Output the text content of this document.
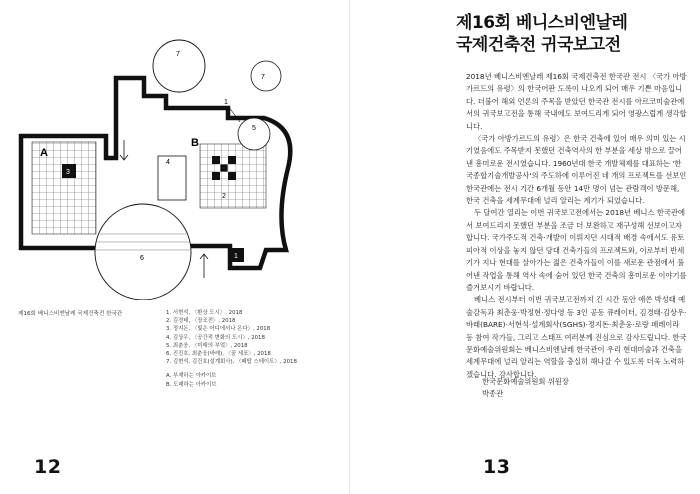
A
B
3
2
4
6
7
7
5
1
1
제16회 베니스비엔날레 국제건축전 한국관	1. 서현석, 〈환상 도시〉, 2018
2. 김경태, 〈장조전〉, 2018
3. 정지돈, 〈빛은 어디에서나 온다〉, 2018
4. 김상우, 〈공간적 변화의 도시〉, 2018
5. 최춘웅, 〈미래의 부엌〉, 2018
6. 진진호, 최춘웅(바레), 〈꿈 세포〉, 2018
7. 김현석, 김건호(설계회사), 〈떼탑 스테이트〉, 2018
A. 부재하는 아카이브
B. 도래하는 아카이브
12
제16회 베니스비엔날레
국제건축전 귀국보고전

2018년 베니스비엔날레 제16회 국제건축전 한국관 전시 〈국가 아방가르드의 유령〉의 한국어판 도록이 나오게 되어 매우 기쁜 마음입니다. 더불어 해외 언론의 주목을 받았던 한국관 전시를 아르코미술관에서의 귀국보고전을 통해 국내에도 보여드리게 되어 영광스럽게 생각합니다.

〈국가 아방가르드의 유령〉은 한국 건축에 있어 매우 의미 있는 시기였음에도 주목받지 못했던 건축역사의 한 부분을 세상 밖으로 끌어낸 흥미로운 전시였습니다. 1960년대 한국 개발체제를 대표하는 '한국종합기술개발공사'의 주도하에 이루어진 네 개의 프로젝트를 선보인 한국관에는 전시 기간 6개월 동안 14만 명이 넘는 관람객이 방문해, 한국 건축을 세계무대에 널리 알리는 계기가 되었습니다.

두 달여간 열리는 이번 귀국보고전에서는 2018년 베니스 한국관에서 보여드리지 못했던 부분을 조금 더 보완하고 재구성해 선보이고자 합니다. 국가주도적 건축·개발이 이뤄지던 시대적 배경 속에서도 유토피아적 이상을 놓지 않던 당대 건축가들의 프로젝트와, 이로부터 반세기가 지나 현대를 살아가는 젊은 건축가들이 이를 새로운 관점에서 풀어낸 작업을 통해 역사 속에 숨어 있던 한국 건축의 흥미로운 이야기를 즐겨보시기 바랍니다.

베니스 전시부터 이번 귀국보고전까지 긴 시간 동안 애쓴 박성태 예술감독과 최춘웅·박정현·정다영 등 3인 공동 큐레이터, 김경태·김상우·바래(BARE)·서현석·설계회사(SGHS)·정지돈·최춘웅·로랑 페레이라 등 참여 작가들, 그리고 스태프 여러분께 진심으로 감사드립니다. 한국문화예술위원회는 베니스비엔날레 한국관이 우리 현대미술과 건축을 세계무대에 널리 알리는 역할을 충실히 해나갈 수 있도록 더욱 노력하겠습니다. 감사합니다.

한국문화예술위원회 위원장
박종관
13
